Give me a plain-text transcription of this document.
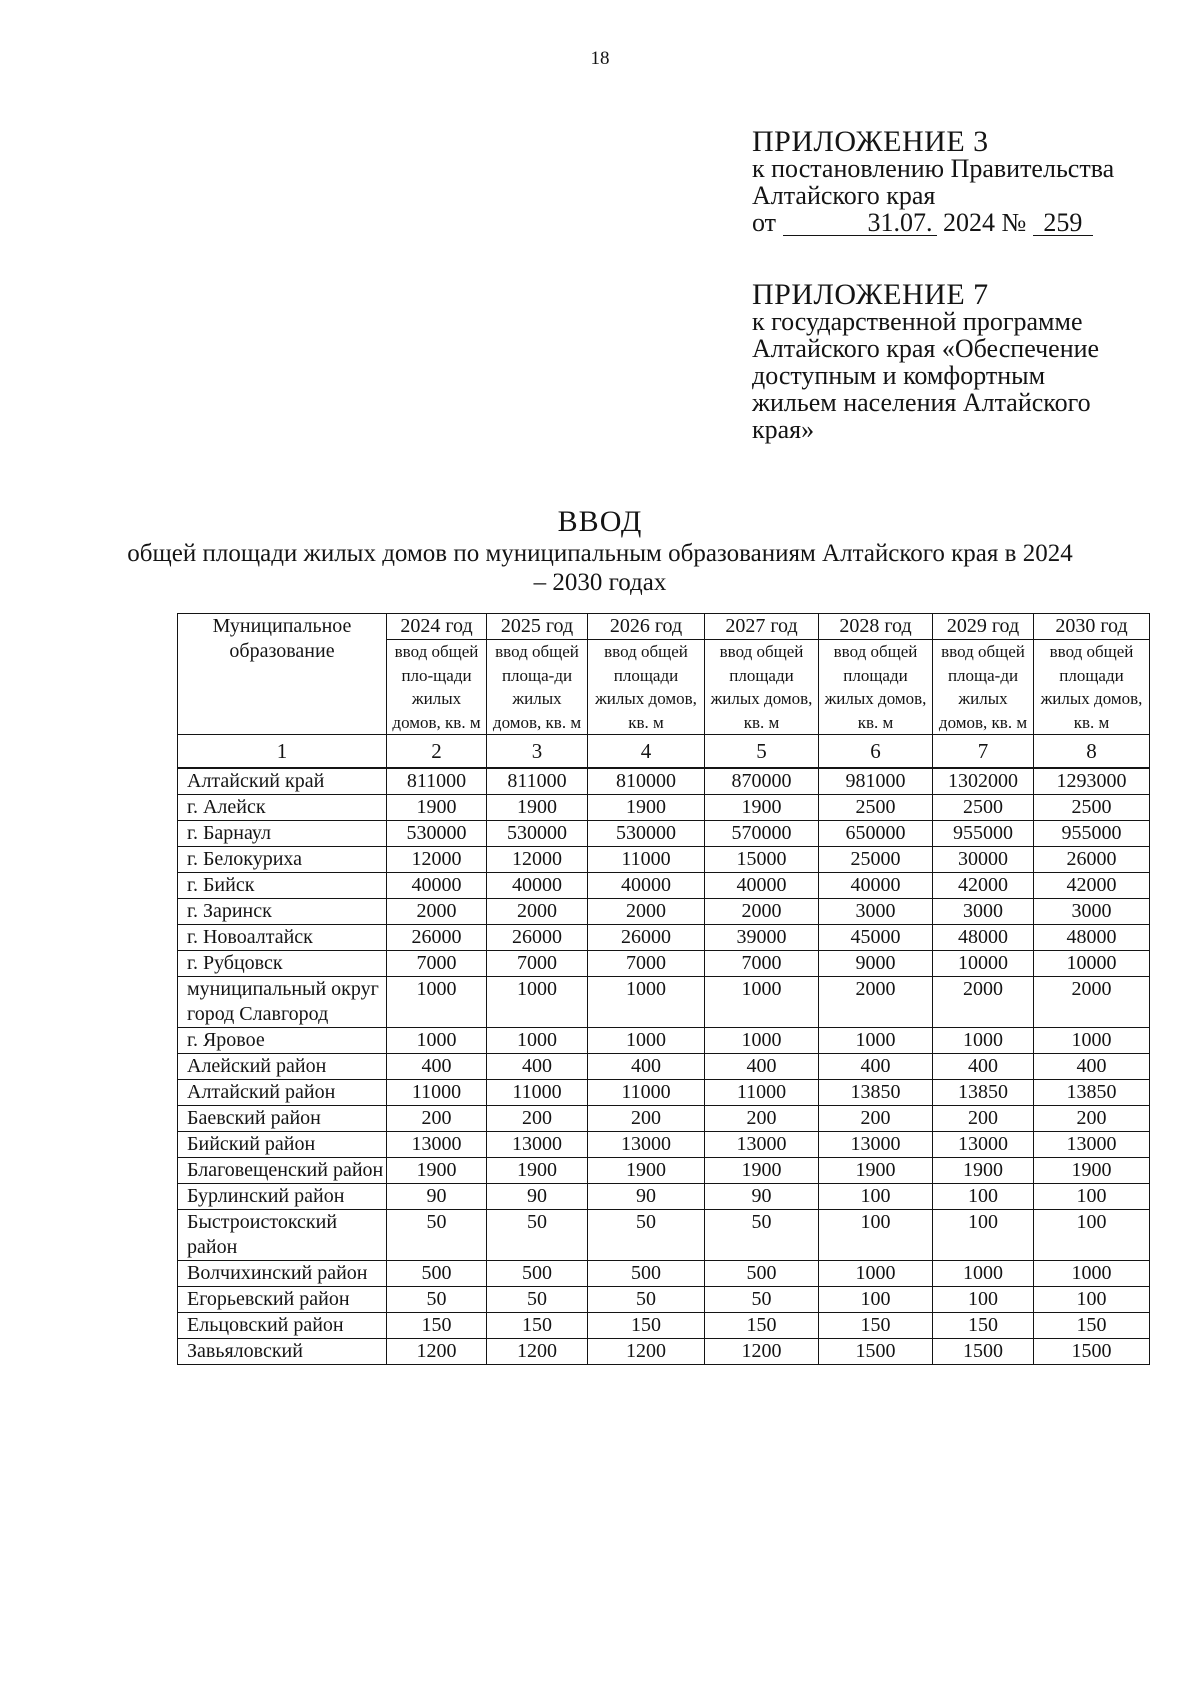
18
ПРИЛОЖЕНИЕ 3
к постановлению Правительства
Алтайского края
от	31.07. 2024 № 259
ПРИЛОЖЕНИЕ 7
к государственной программе
Алтайского края «Обеспечение
доступным и комфортным
жильем населения Алтайского
края»
ВВОД
общей площади жилых домов по муниципальным образованиям Алтайского края в 2024 – 2030 годах
Муниципальное образование	2024 год	2025 год	2026 год	2027 год	2028 год	2029 год	2030 год
	ввод общей пло-щади жилых домов, кв. м	ввод общей площа-ди жилых домов, кв. м	ввод общей площади жилых домов, кв. м	ввод общей площади жилых домов, кв. м	ввод общей площади жилых домов, кв. м	ввод общей площа-ди жилых домов, кв. м	ввод общей площади жилых домов, кв. м
1	2	3	4	5	6	7	8
Алтайский край	811000	811000	810000	870000	981000	1302000	1293000
г. Алейск	1900	1900	1900	1900	2500	2500	2500
г. Барнаул	530000	530000	530000	570000	650000	955000	955000
г. Белокуриха	12000	12000	11000	15000	25000	30000	26000
г. Бийск	40000	40000	40000	40000	40000	42000	42000
г. Заринск	2000	2000	2000	2000	3000	3000	3000
г. Новоалтайск	26000	26000	26000	39000	45000	48000	48000
г. Рубцовск	7000	7000	7000	7000	9000	10000	10000
муниципальный округ город Славгород	1000	1000	1000	1000	2000	2000	2000
г. Яровое	1000	1000	1000	1000	1000	1000	1000
Алейский район	400	400	400	400	400	400	400
Алтайский район	11000	11000	11000	11000	13850	13850	13850
Баевский район	200	200	200	200	200	200	200
Бийский район	13000	13000	13000	13000	13000	13000	13000
Благовещенский район	1900	1900	1900	1900	1900	1900	1900
Бурлинский район	90	90	90	90	100	100	100
Быстроистокский район	50	50	50	50	100	100	100
Волчихинский район	500	500	500	500	1000	1000	1000
Егорьевский район	50	50	50	50	100	100	100
Ельцовский район	150	150	150	150	150	150	150
Завьяловский	1200	1200	1200	1200	1500	1500	1500
